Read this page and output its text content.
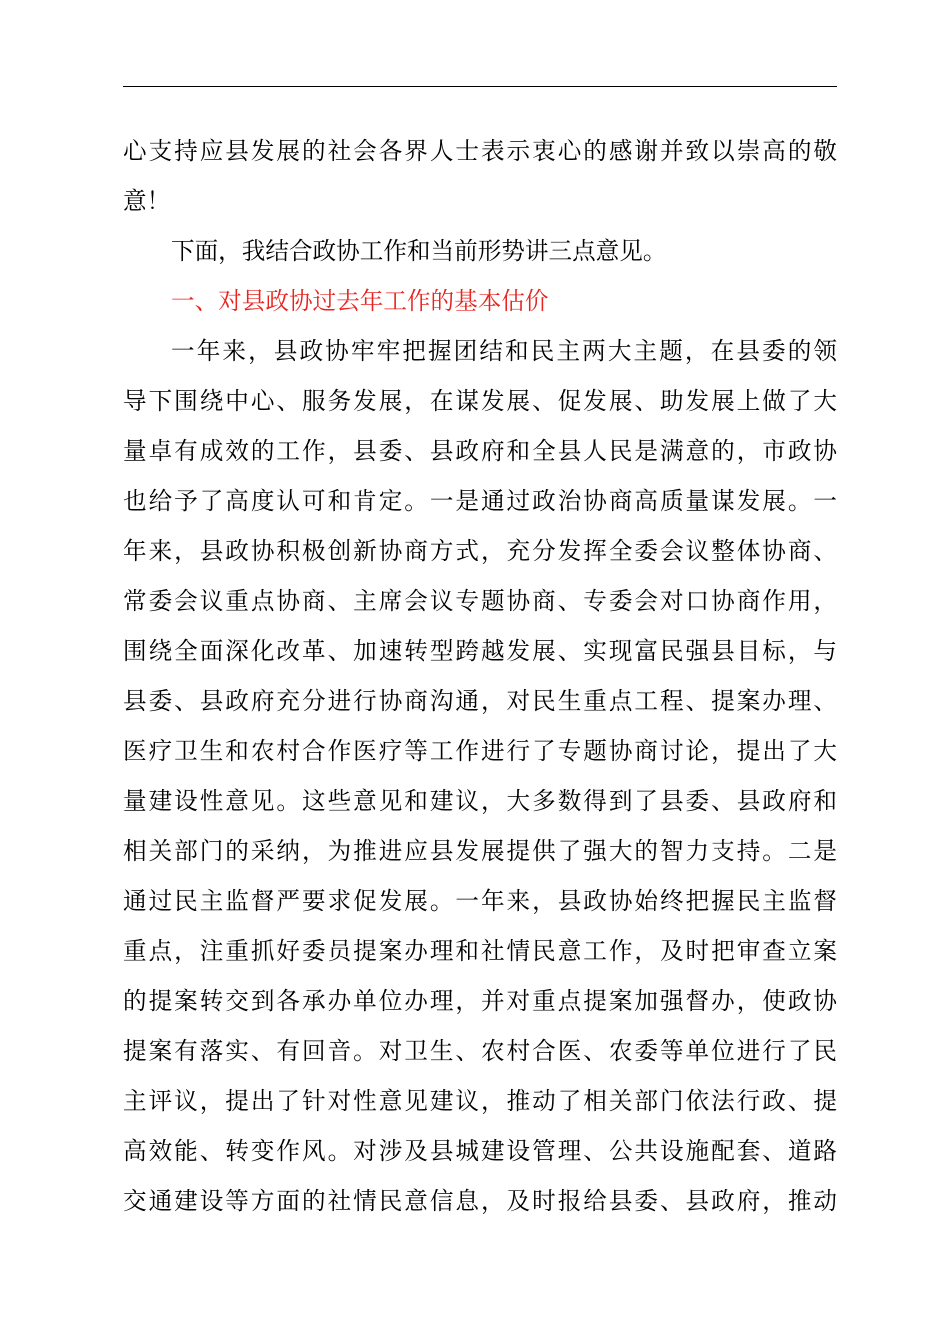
心支持应县发展的社会各界人士表示衷心的感谢并致以崇高的敬
意！
下面，我结合政协工作和当前形势讲三点意见。
一、对县政协过去年工作的基本估价
一年来，县政协牢牢把握团结和民主两大主题，在县委的领
导下围绕中心、服务发展，在谋发展、促发展、助发展上做了大
量卓有成效的工作，县委、县政府和全县人民是满意的，市政协
也给予了高度认可和肯定。一是通过政治协商高质量谋发展。一
年来，县政协积极创新协商方式，充分发挥全委会议整体协商、
常委会议重点协商、主席会议专题协商、专委会对口协商作用，
围绕全面深化改革、加速转型跨越发展、实现富民强县目标，与
县委、县政府充分进行协商沟通，对民生重点工程、提案办理、
医疗卫生和农村合作医疗等工作进行了专题协商讨论，提出了大
量建设性意见。这些意见和建议，大多数得到了县委、县政府和
相关部门的采纳，为推进应县发展提供了强大的智力支持。二是
通过民主监督严要求促发展。一年来，县政协始终把握民主监督
重点，注重抓好委员提案办理和社情民意工作，及时把审查立案
的提案转交到各承办单位办理，并对重点提案加强督办，使政协
提案有落实、有回音。对卫生、农村合医、农委等单位进行了民
主评议，提出了针对性意见建议，推动了相关部门依法行政、提
高效能、转变作风。对涉及县城建设管理、公共设施配套、道路
交通建设等方面的社情民意信息，及时报给县委、县政府，推动
